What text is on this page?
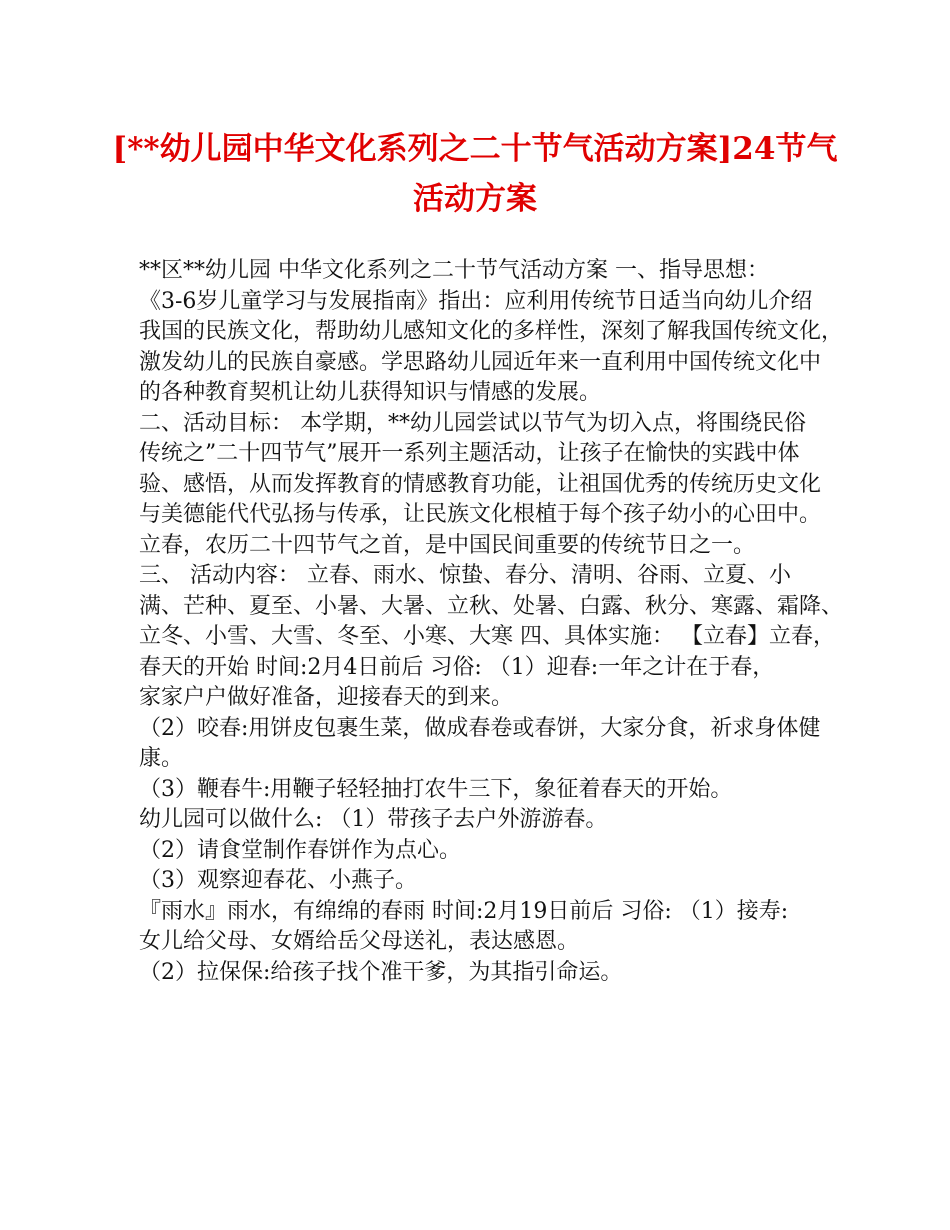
[**幼儿园中华文化系列之二十节气活动方案]24节气
活动方案
**区**幼儿园 中华文化系列之二十节气活动方案 一、指导思想：
《3-6岁儿童学习与发展指南》指出：应利用传统节日适当向幼儿介绍
我国的民族文化，帮助幼儿感知文化的多样性，深刻了解我国传统文化，
激发幼儿的民族自豪感。学思路幼儿园近年来一直利用中国传统文化中
的各种教育契机让幼儿获得知识与情感的发展。
二、活动目标： 本学期，**幼儿园尝试以节气为切入点，将围绕民俗
传统之”二十四节气”展开一系列主题活动，让孩子在愉快的实践中体
验、感悟，从而发挥教育的情感教育功能，让祖国优秀的传统历史文化
与美德能代代弘扬与传承，让民族文化根植于每个孩子幼小的心田中。
立春，农历二十四节气之首，是中国民间重要的传统节日之一。
三、 活动内容： 立春、雨水、惊蛰、春分、清明、谷雨、立夏、小
满、芒种、夏至、小暑、大暑、立秋、处暑、白露、秋分、寒露、霜降、
立冬、小雪、大雪、冬至、小寒、大寒 四、具体实施： 【立春】立春，
春天的开始 时间:2月4日前后 习俗: （1）迎春:一年之计在于春，
家家户户做好准备，迎接春天的到来。
（2）咬春:用饼皮包裹生菜，做成春卷或春饼，大家分食，祈求身体健
康。
（3）鞭春牛:用鞭子轻轻抽打农牛三下，象征着春天的开始。
幼儿园可以做什么: （1）带孩子去户外游游春。
（2）请食堂制作春饼作为点心。
（3）观察迎春花、小燕子。
『雨水』雨水，有绵绵的春雨 时间:2月19日前后 习俗: （1）接寿:
女儿给父母、女婿给岳父母送礼，表达感恩。
（2）拉保保:给孩子找个准干爹，为其指引命运。
